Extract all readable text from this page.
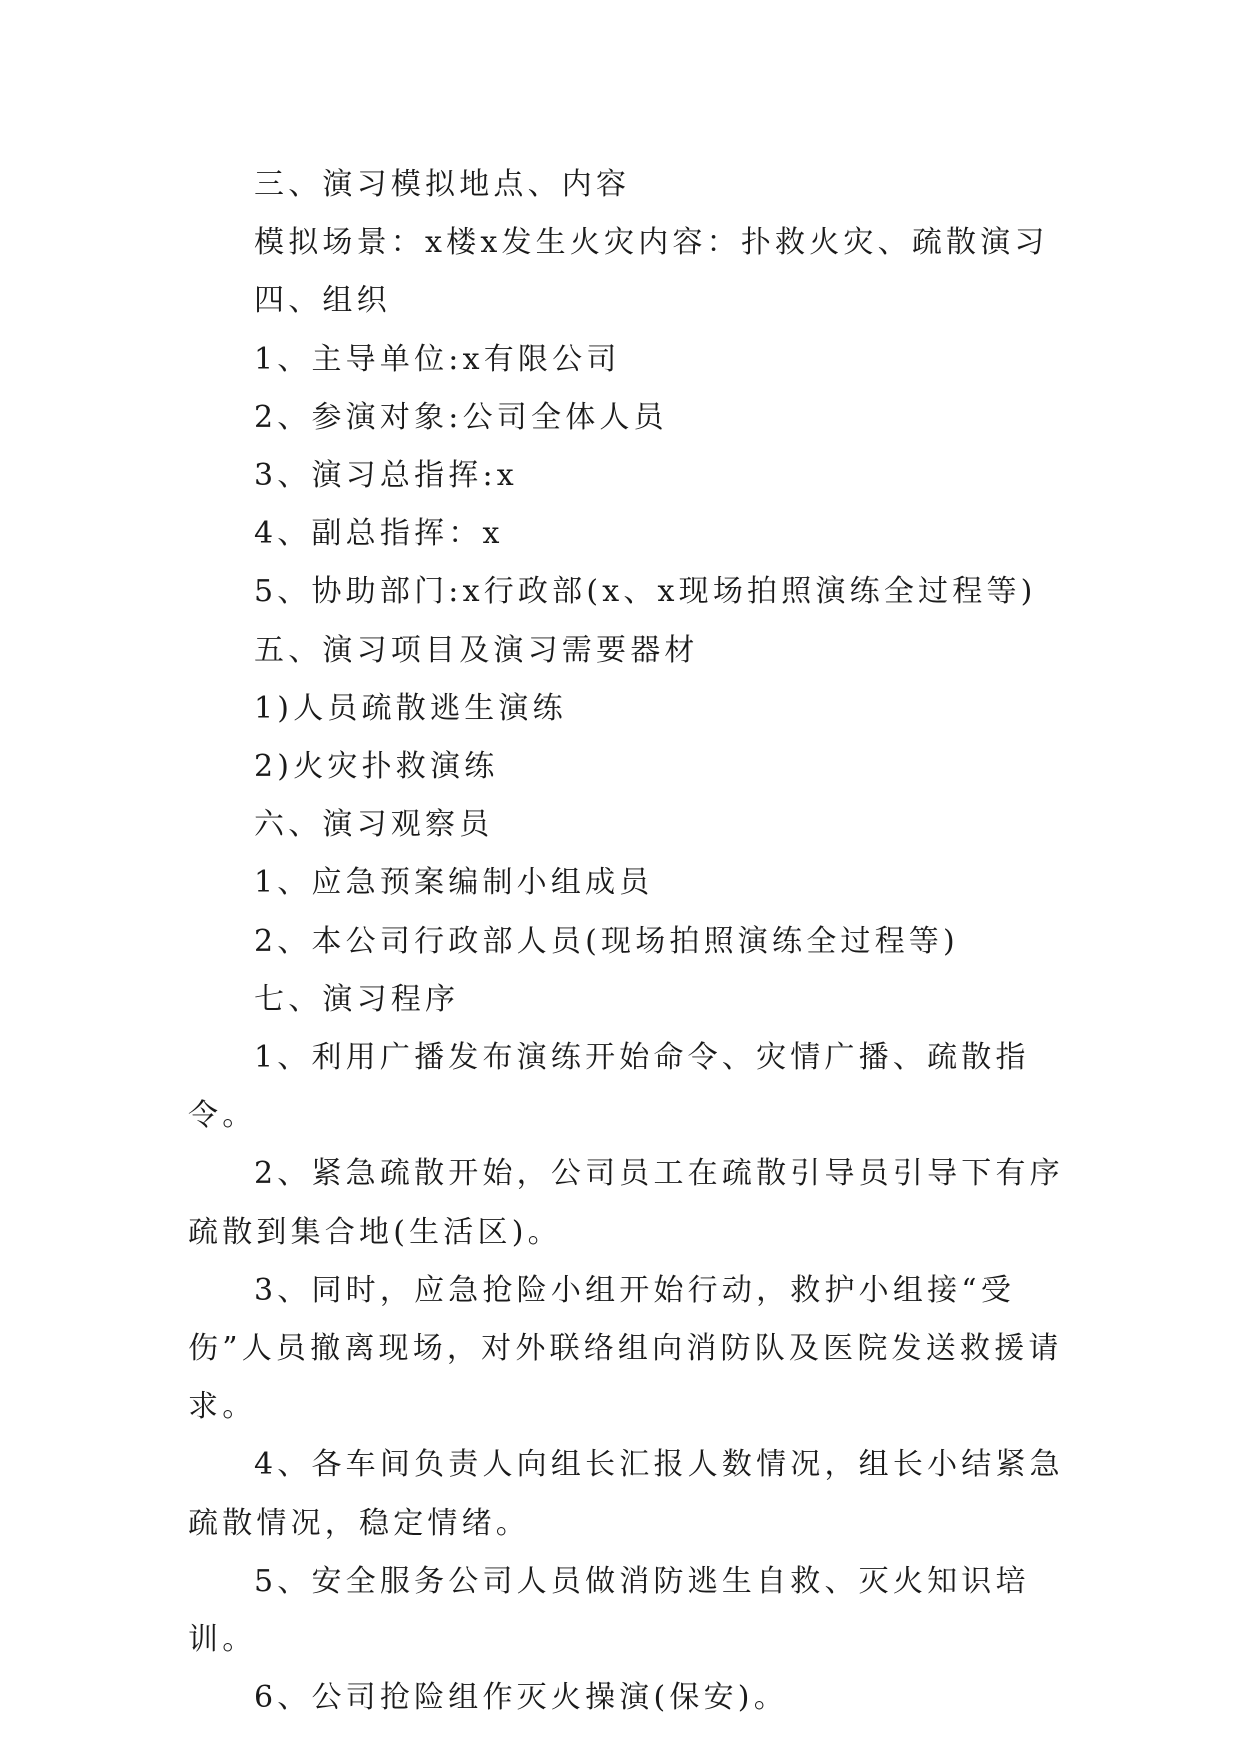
三、演习模拟地点、内容

模拟场景：x楼x发生火灾内容：扑救火灾、疏散演习

四、组织

1、主导单位:x有限公司

2、参演对象:公司全体人员

3、演习总指挥:x

4、副总指挥：x

5、协助部门:x行政部(x、x现场拍照演练全过程等)

五、演习项目及演习需要器材

1)人员疏散逃生演练

2)火灾扑救演练

六、演习观察员

1、应急预案编制小组成员

2、本公司行政部人员(现场拍照演练全过程等)

七、演习程序

1、利用广播发布演练开始命令、灾情广播、疏散指令。

2、紧急疏散开始，公司员工在疏散引导员引导下有序疏散到集合地(生活区)。

3、同时，应急抢险小组开始行动，救护小组接“受伤”人员撤离现场，对外联络组向消防队及医院发送救援请求。

4、各车间负责人向组长汇报人数情况，组长小结紧急疏散情况，稳定情绪。

5、安全服务公司人员做消防逃生自救、灭火知识培训。

6、公司抢险组作灭火操演(保安)。
